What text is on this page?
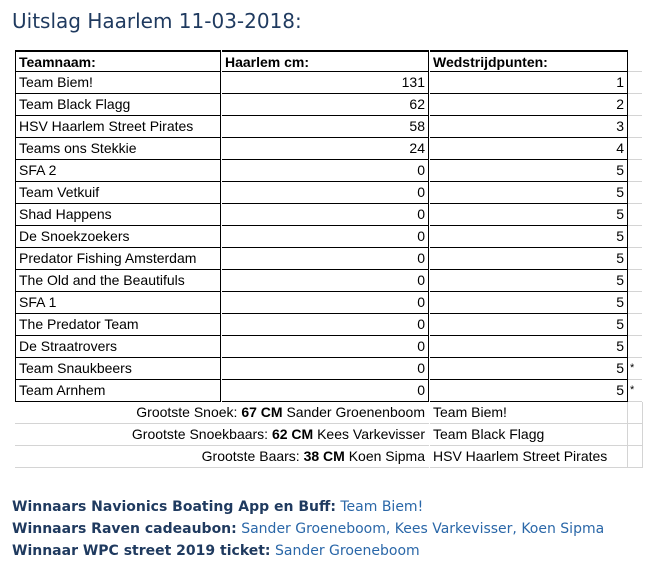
Uitslag Haarlem 11-03-2018:
Teamnaam:	Haarlem cm:	Wedstrijdpunten:
Team Biem!	131	1
Team Black Flagg	62	2
HSV Haarlem Street Pirates	58	3
Teams ons Stekkie	24	4
SFA 2	0	5
Team Vetkuif	0	5
Shad Happens	0	5
De Snoekzoekers	0	5
Predator Fishing Amsterdam	0	5
The Old and the Beautifuls	0	5
SFA 1	0	5
The Predator Team	0	5
De Straatrovers	0	5
Team Snaukbeers	0	5 *
Team Arnhem	0	5 *
Grootste Snoek: 67 CM Sander Groenenboom Team Biem!
Grootste Snoekbaars: 62 CM Kees Varkevisser Team Black Flagg
Grootste Baars: 38 CM Koen Sipma HSV Haarlem Street Pirates
Winnaars Navionics Boating App en Buff: Team Biem!
Winnaars Raven cadeaubon: Sander Groeneboom, Kees Varkevisser, Koen Sipma
Winnaar WPC street 2019 ticket: Sander Groeneboom
